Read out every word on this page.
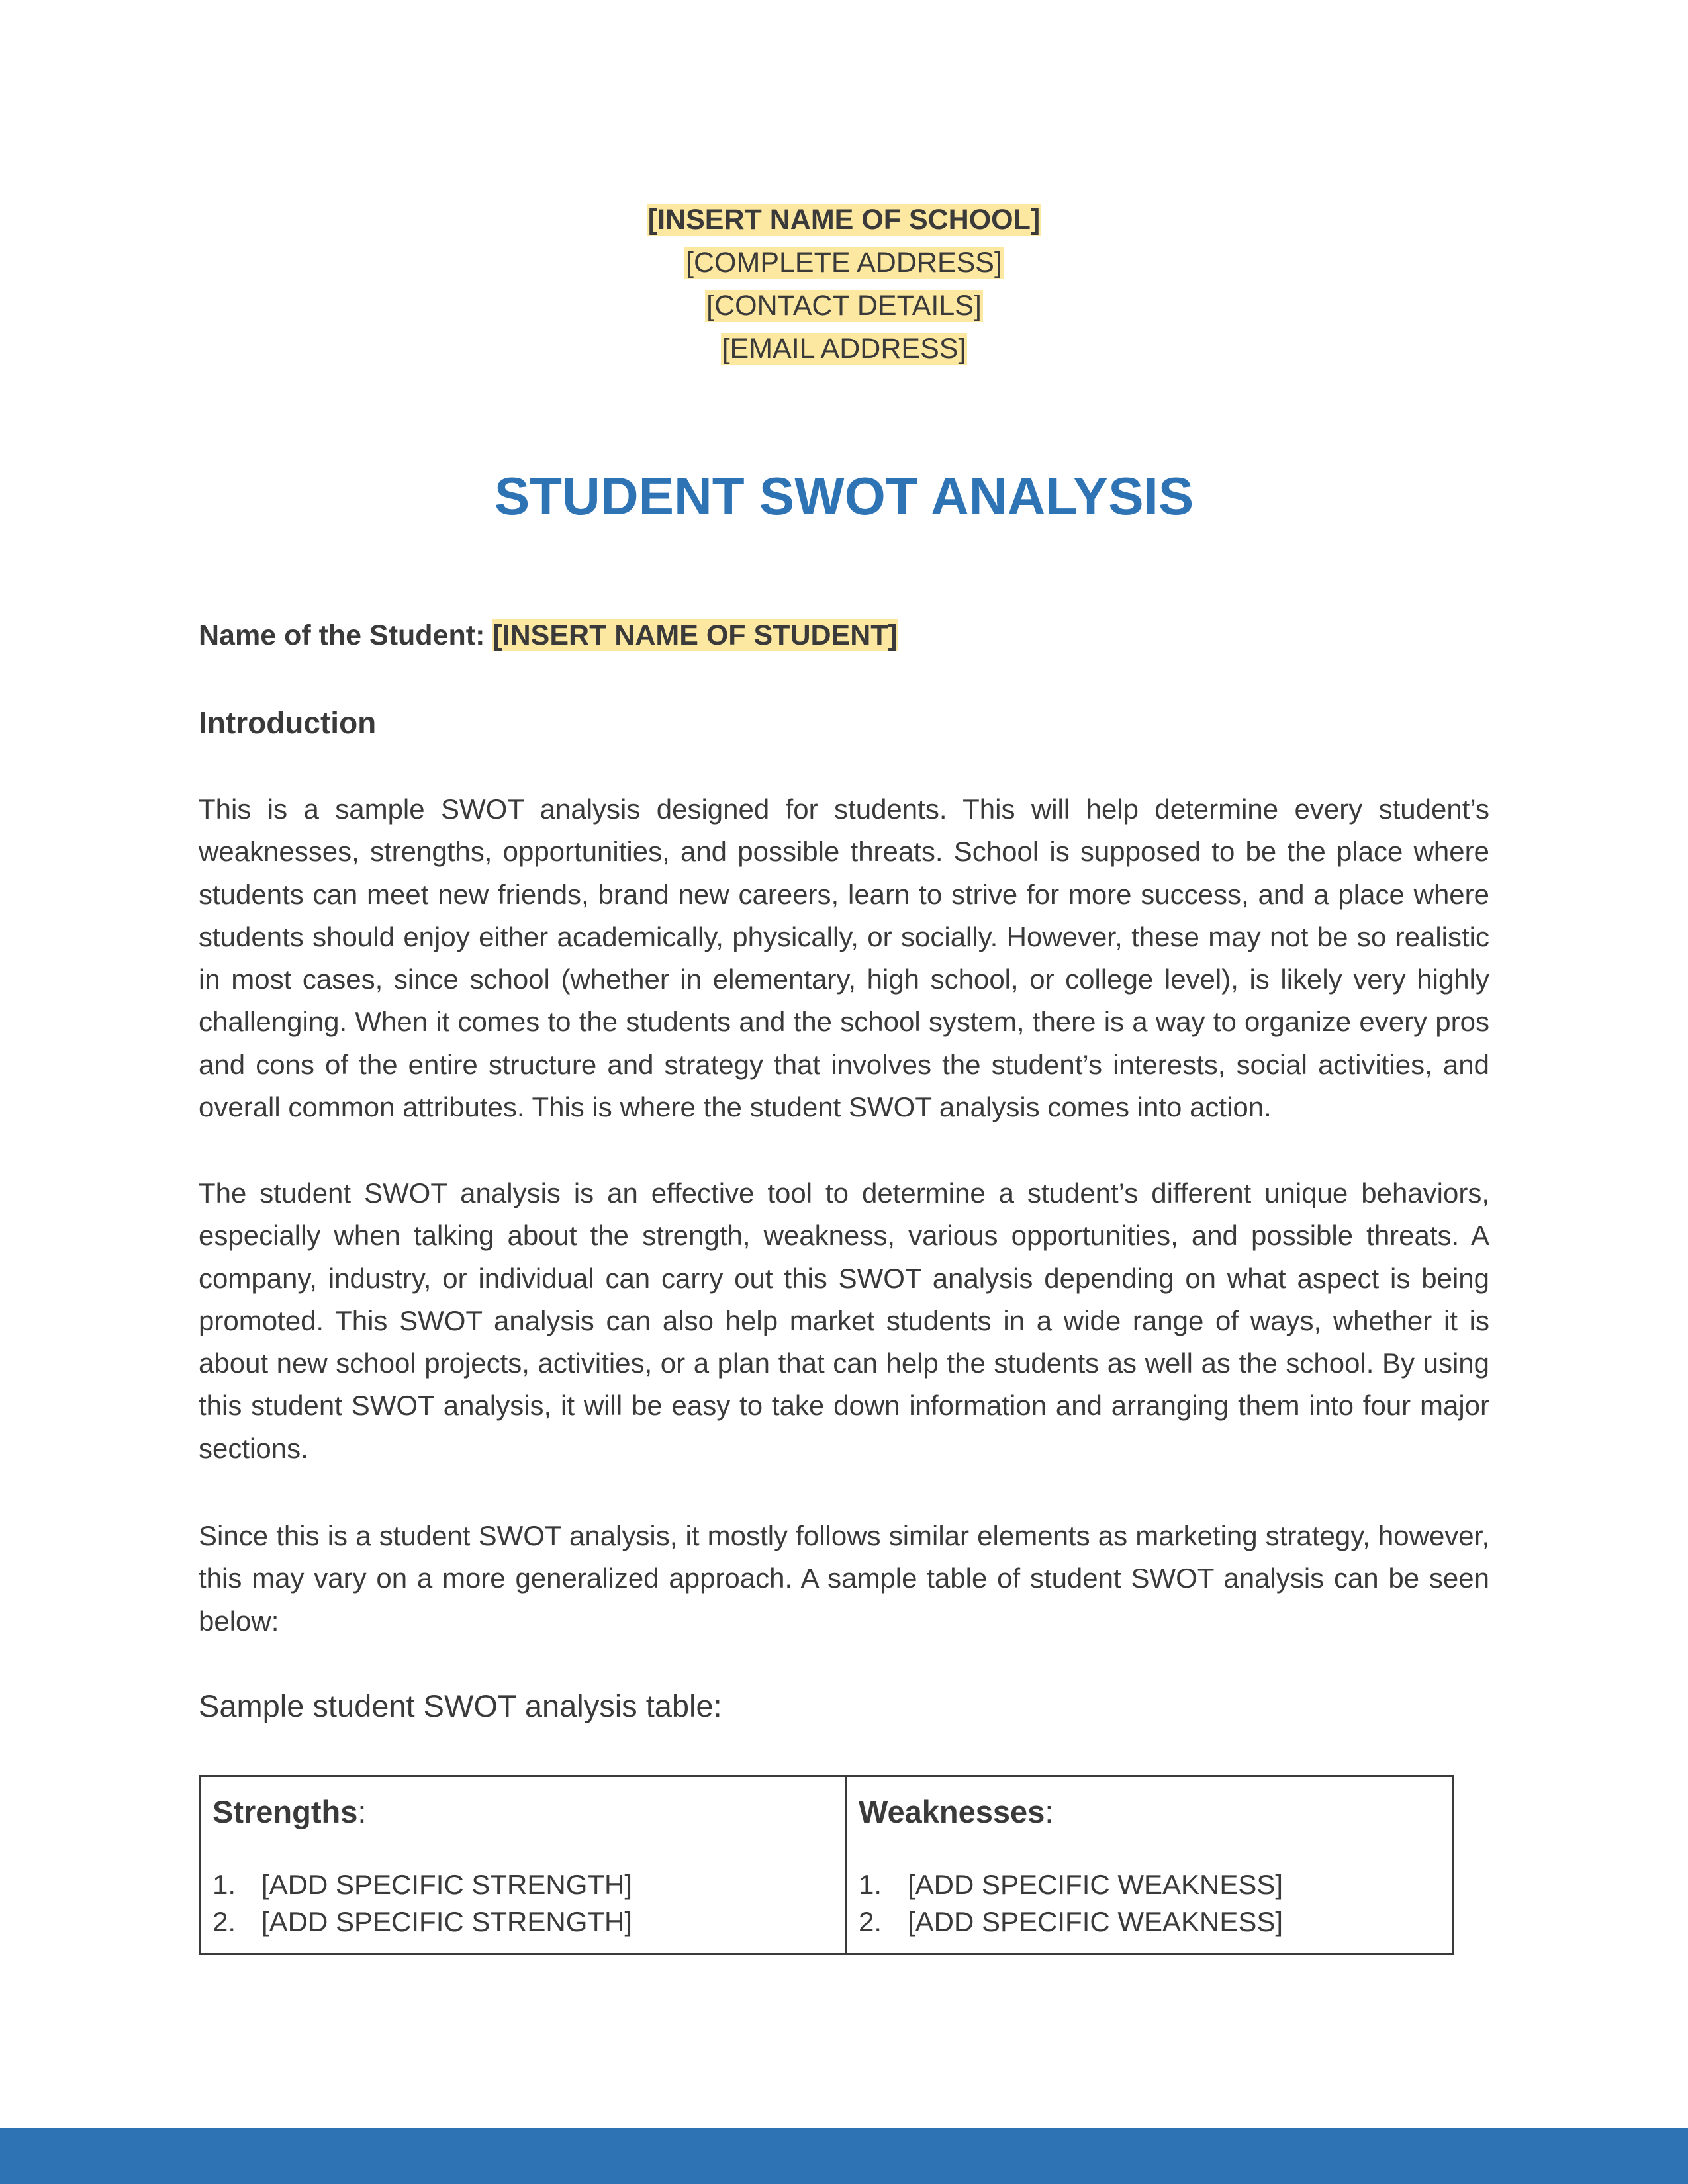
[INSERT NAME OF SCHOOL]
[COMPLETE ADDRESS]
[CONTACT DETAILS]
[EMAIL ADDRESS]
STUDENT SWOT ANALYSIS
Name of the Student: [INSERT NAME OF STUDENT]
Introduction

This is a sample SWOT analysis designed for students. This will help determine every student’s weaknesses, strengths, opportunities, and possible threats. School is supposed to be the place where students can meet new friends, brand new careers, learn to strive for more success, and a place where students should enjoy either academically, physically, or socially. However, these may not be so realistic in most cases, since school (whether in elementary, high school, or college level), is likely very highly challenging. When it comes to the students and the school system, there is a way to organize every pros and cons of the entire structure and strategy that involves the student’s interests, social activities, and overall common attributes. This is where the student SWOT analysis comes into action.

The student SWOT analysis is an effective tool to determine a student’s different unique behaviors, especially when talking about the strength, weakness, various opportunities, and possible threats. A company, industry, or individual can carry out this SWOT analysis depending on what aspect is being promoted. This SWOT analysis can also help market students in a wide range of ways, whether it is about new school projects, activities, or a plan that can help the students as well as the school. By using this student SWOT analysis, it will be easy to take down information and arranging them into four major sections.

Since this is a student SWOT analysis, it mostly follows similar elements as marketing strategy, however, this may vary on a more generalized approach. A sample table of student SWOT analysis can be seen below:

Sample student SWOT analysis table:

Strengths:
1. [ADD SPECIFIC STRENGTH]
2. [ADD SPECIFIC STRENGTH]
Weaknesses:
1. [ADD SPECIFIC WEAKNESS]
2. [ADD SPECIFIC WEAKNESS]
